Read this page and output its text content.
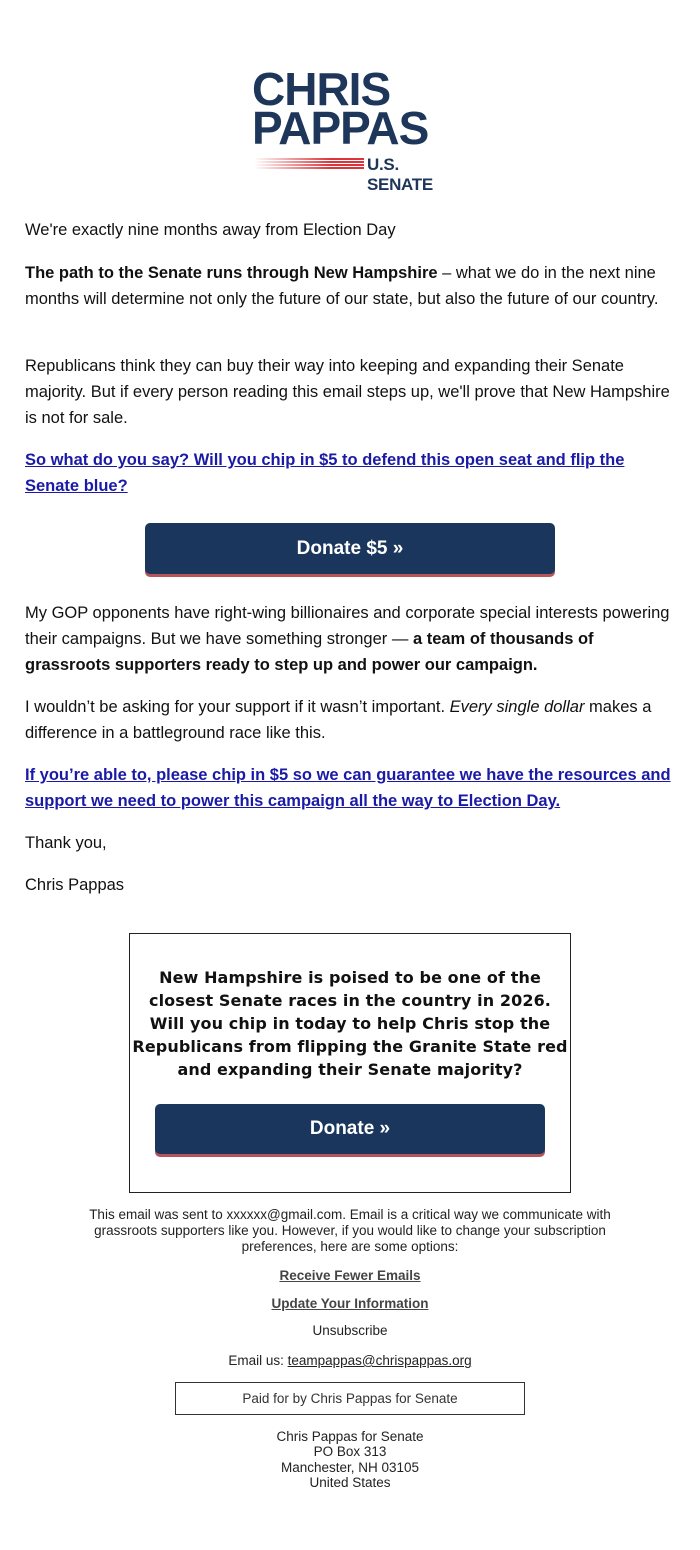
CHRIS
PAPPAS
U.S. SENATE
We're exactly nine months away from Election Day
The path to the Senate runs through New Hampshire – what we do in the next nine months will determine not only the future of our state, but also the future of our country.
Republicans think they can buy their way into keeping and expanding their Senate majority. But if every person reading this email steps up, we'll prove that New Hampshire is not for sale.
So what do you say? Will you chip in $5 to defend this open seat and flip the Senate blue?
Donate $5 »
My GOP opponents have right-wing billionaires and corporate special interests powering their campaigns. But we have something stronger — a team of thousands of grassroots supporters ready to step up and power our campaign.
I wouldn’t be asking for your support if it wasn’t important. Every single dollar makes a difference in a battleground race like this.
If you’re able to, please chip in $5 so we can guarantee we have the resources and support we need to power this campaign all the way to Election Day.
Thank you,
Chris Pappas
New Hampshire is poised to be one of the closest Senate races in the country in 2026. Will you chip in today to help Chris stop the Republicans from flipping the Granite State red and expanding their Senate majority?
Donate »
This email was sent to xxxxxx@gmail.com. Email is a critical way we communicate with grassroots supporters like you. However, if you would like to change your subscription preferences, here are some options:
Receive Fewer Emails
Update Your Information
Unsubscribe
Email us: teampappas@chrispappas.org
Paid for by Chris Pappas for Senate
Chris Pappas for Senate
PO Box 313
Manchester, NH 03105
United States
